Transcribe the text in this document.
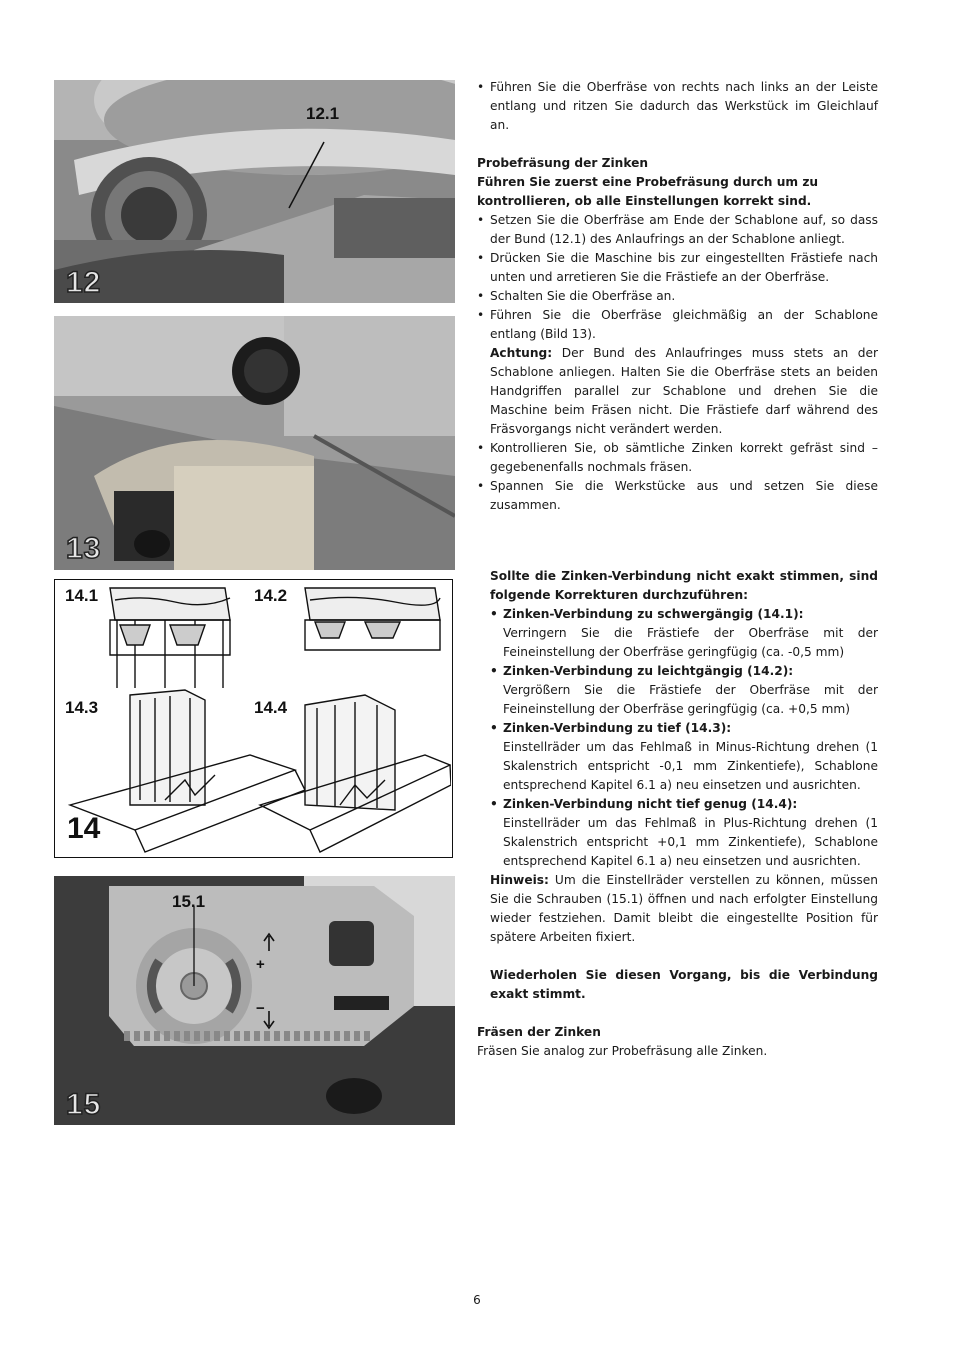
12.1
12
13
14.1	14.2
14.3	14.4
14
15.1
+
−
15

• Führen Sie die Oberfräse von rechts nach links an der Leiste entlang und ritzen Sie dadurch das Werkstück im Gleichlauf an.

Probefräsung der Zinken

Führen Sie zuerst eine Probefräsung durch um zu kontrollieren, ob alle Einstellungen korrekt sind.

• Setzen Sie die Oberfräse am Ende der Schablone auf, so dass der Bund (12.1) des Anlaufrings an der Schablone anliegt.

• Drücken Sie die Maschine bis zur eingestellten Frästiefe nach unten und arretieren Sie die Frästiefe an der Oberfräse.

• Schalten Sie die Oberfräse an.

• Führen Sie die Oberfräse gleichmäßig an der Schablone entlang (Bild 13).

Achtung: Der Bund des Anlaufringes muss stets an der Schablone anliegen. Halten Sie die Oberfräse stets an beiden Handgriffen parallel zur Schablone und drehen Sie die Maschine beim Fräsen nicht. Die Frästiefe darf während des Fräsvorgangs nicht verändert werden.

• Kontrollieren Sie, ob sämtliche Zinken korrekt gefräst sind – gegebenenfalls nochmals fräsen.

• Spannen Sie die Werkstücke aus und setzen Sie diese zusammen.

Sollte die Zinken-Verbindung nicht exakt stimmen, sind folgende Korrekturen durchzuführen:

• Zinken-Verbindung zu schwergängig (14.1):

Verringern Sie die Frästiefe der Oberfräse mit der Feineinstellung der Oberfräse geringfügig (ca. -0,5 mm)

• Zinken-Verbindung zu leichtgängig (14.2):

Vergrößern Sie die Frästiefe der Oberfräse mit der Feineinstellung der Oberfräse geringfügig (ca. +0,5 mm)

• Zinken-Verbindung zu tief (14.3):

Einstellräder um das Fehlmaß in Minus-Richtung drehen (1 Skalenstrich entspricht -0,1 mm Zinkentiefe), Schablone entsprechend Kapitel 6.1 a) neu einsetzen und ausrichten.

• Zinken-Verbindung nicht tief genug (14.4):

Einstellräder um das Fehlmaß in Plus-Richtung drehen (1 Skalenstrich entspricht +0,1 mm Zinkentiefe), Schablone entsprechend Kapitel 6.1 a) neu einsetzen und ausrichten.

Hinweis: Um die Einstellräder verstellen zu können, müssen Sie die Schrauben (15.1) öffnen und nach erfolgter Einstellung wieder festziehen. Damit bleibt die eingestellte Position für spätere Arbeiten fixiert.

Wiederholen Sie diesen Vorgang, bis die Verbindung exakt stimmt.

Fräsen der Zinken

Fräsen Sie analog zur Probefräsung alle Zinken.

6
